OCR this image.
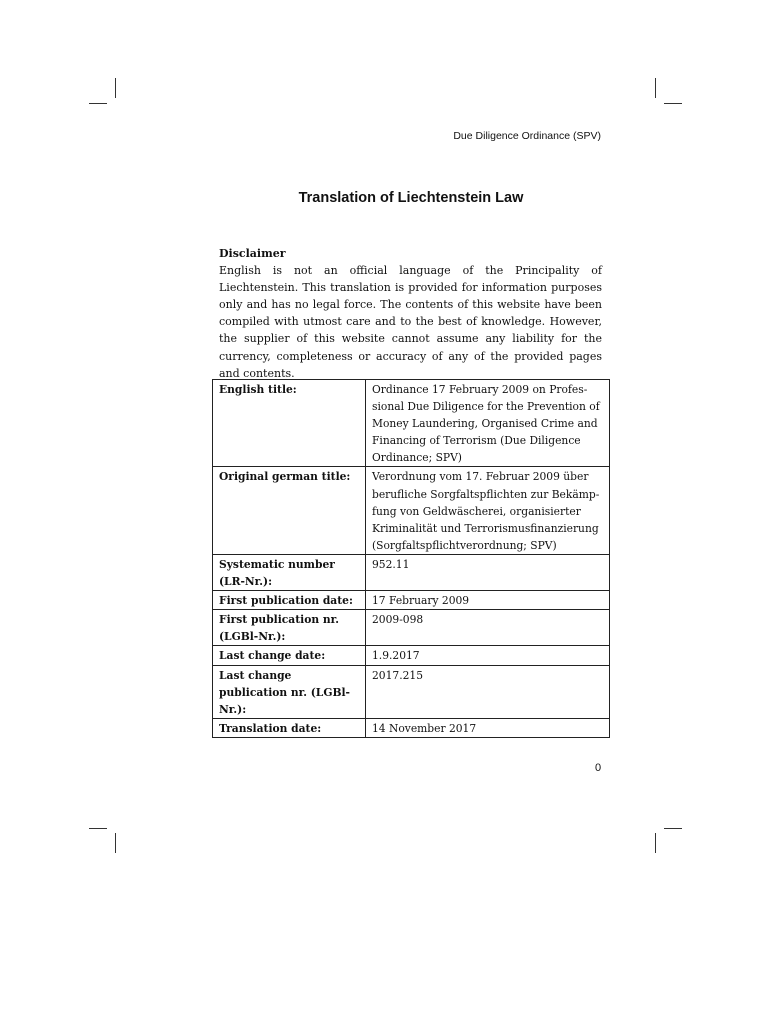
Due Diligence Ordinance (SPV)
Translation of Liechtenstein Law
Disclaimer
English is not an official language of the Principality of Liechtenstein. This translation is provided for information purposes only and has no legal force. The contents of this website have been compiled with utmost care and to the best of knowledge. However, the supplier of this website cannot assume any liability for the currency, completeness or accuracy of any of the provided pages and contents.
English title:	Ordinance 17 February 2009 on Profes-sional Due Diligence for the Prevention of Money Laundering, Organised Crime and Financing of Terrorism (Due Diligence Ordinance; SPV)
Original german title:	Verordnung vom 17. Februar 2009 über berufliche Sorgfaltspflichten zur Bekämp-fung von Geldwäscherei, organisierter Kriminalität und Terrorismusfinanzierung (Sorgfaltspflichtverordnung; SPV)
Systematic number (LR-Nr.):	952.11
First publication date:	17 February 2009
First publication nr. (LGBl-Nr.):	2009-098
Last change date:	1.9.2017
Last change publication nr. (LGBl-Nr.):	2017.215
Translation date:	14 November 2017
0
